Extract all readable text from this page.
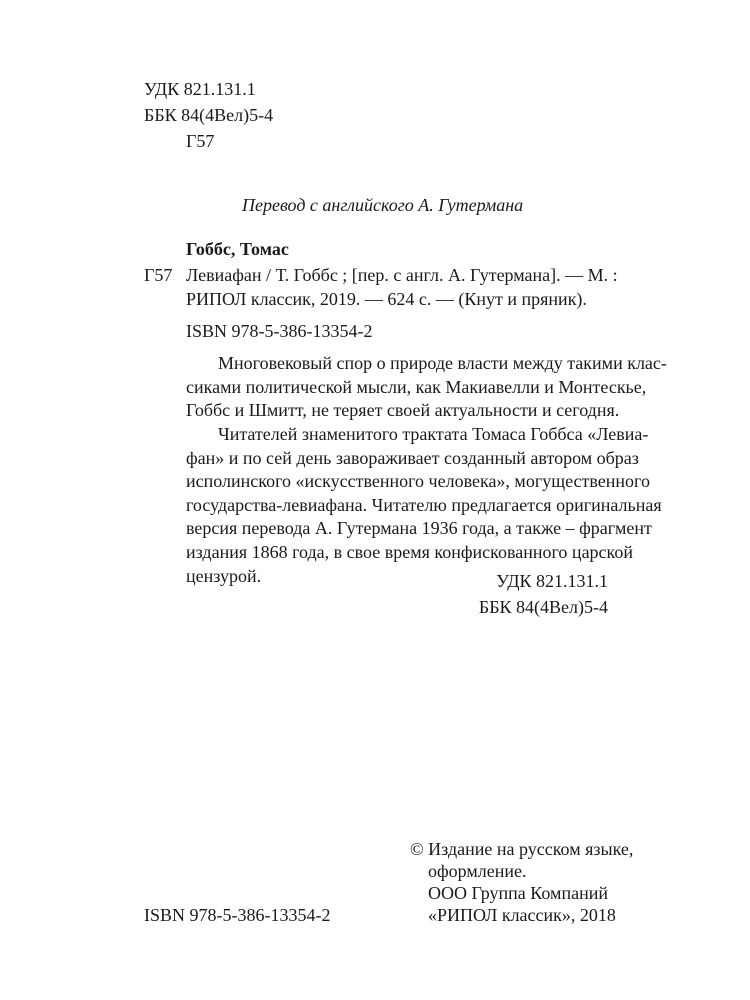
УДК 821.131.1
ББК 84(4Вел)5-4
Г57
Перевод с английского А. Гутермана
Гоббс, Томас
Г57 Левиафан / Т. Гоббс ; [пер. с англ. А. Гутермана]. — М. :
РИПОЛ классик, 2019. — 624 с. — (Кнут и пряник).
ISBN 978-5-386-13354-2
Многовековый спор о природе власти между такими клас-
сиками политической мысли, как Макиавелли и Монтескье,
Гоббс и Шмитт, не теряет своей актуальности и сегодня.
Читателей знаменитого трактата Томаса Гоббса «Левиа-
фан» и по сей день завораживает созданный автором образ
исполинского «искусственного человека», могущественного
государства-левиафана. Читателю предлагается оригинальная
версия перевода А. Гутермана 1936 года, а также – фрагмент
издания 1868 года, в свое время конфискованного царской
цензурой.	УДК 821.131.1
ББК 84(4Вел)5-4
ISBN 978-5-386-13354-2
© Издание на русском языке,
оформление.
ООО Группа Компаний
«РИПОЛ классик», 2018
